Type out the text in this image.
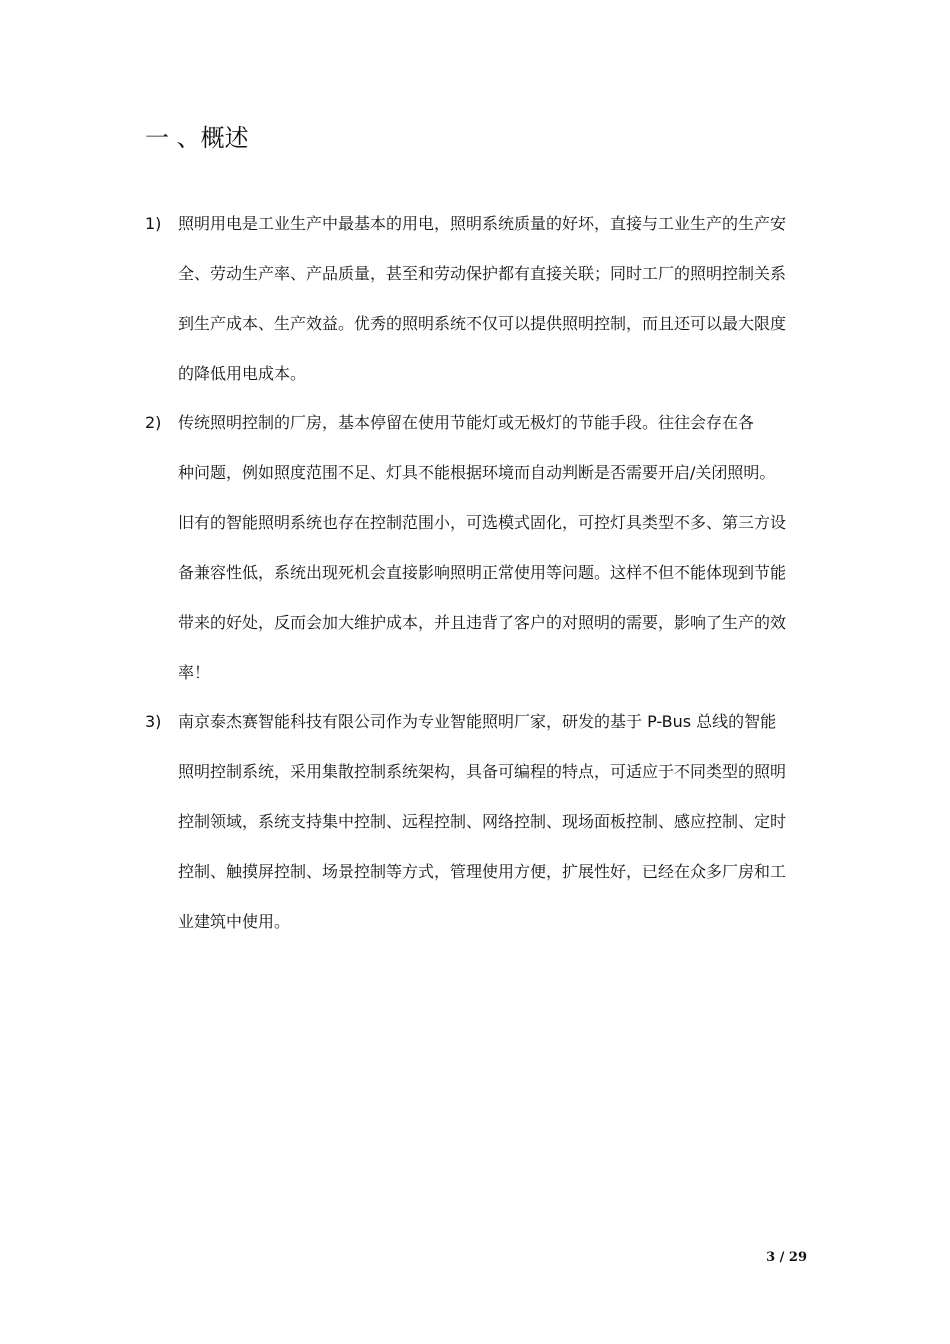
一 、概述
1) 照明用电是工业生产中最基本的用电，照明系统质量的好坏，直接与工业生产的生产安
全、劳动生产率、产品质量，甚至和劳动保护都有直接关联；同时工厂的照明控制关系
到生产成本、生产效益。优秀的照明系统不仅可以提供照明控制，而且还可以最大限度
的降低用电成本。
2) 传统照明控制的厂房，基本停留在使用节能灯或无极灯的节能手段。往往会存在各
种问题，例如照度范围不足、灯具不能根据环境而自动判断是否需要开启/关闭照明。
旧有的智能照明系统也存在控制范围小，可选模式固化，可控灯具类型不多、第三方设
备兼容性低，系统出现死机会直接影响照明正常使用等问题。这样不但不能体现到节能
带来的好处，反而会加大维护成本，并且违背了客户的对照明的需要，影响了生产的效
率！
3) 南京泰杰赛智能科技有限公司作为专业智能照明厂家，研发的基于 P-Bus 总线的智能
照明控制系统，采用集散控制系统架构，具备可编程的特点，可适应于不同类型的照明
控制领域，系统支持集中控制、远程控制、网络控制、现场面板控制、感应控制、定时
控制、触摸屏控制、场景控制等方式，管理使用方便，扩展性好，已经在众多厂房和工
业建筑中使用。
3 / 29
